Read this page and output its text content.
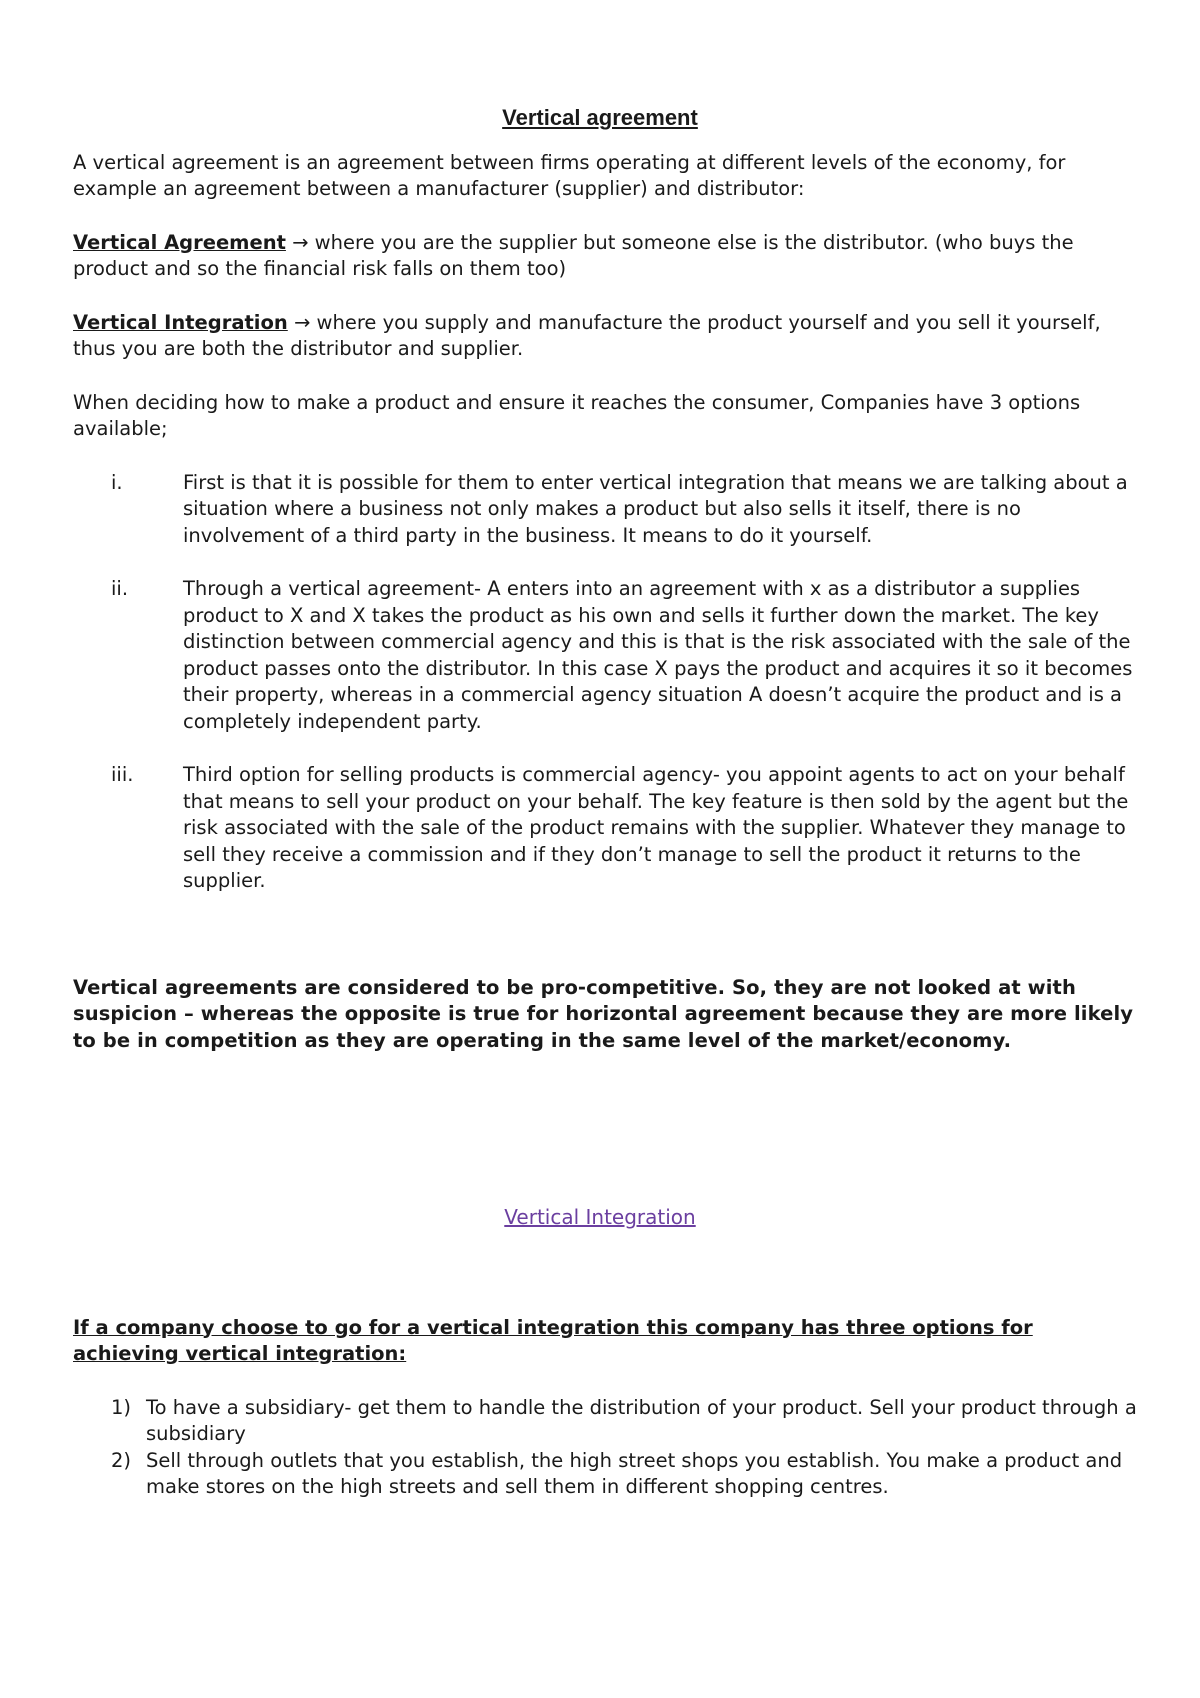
Vertical agreement

A vertical agreement is an agreement between firms operating at different levels of the economy, for example an agreement between a manufacturer (supplier) and distributor:

Vertical Agreement → where you are the supplier but someone else is the distributor. (who buys the product and so the financial risk falls on them too)

Vertical Integration → where you supply and manufacture the product yourself and you sell it yourself, thus you are both the distributor and supplier.

When deciding how to make a product and ensure it reaches the consumer, Companies have 3 options available;

i.	First is that it is possible for them to enter vertical integration that means we are talking about a situation where a business not only makes a product but also sells it itself, there is no involvement of a third party in the business. It means to do it yourself.
ii.	Through a vertical agreement- A enters into an agreement with x as a distributor a supplies product to X and X takes the product as his own and sells it further down the market. The key distinction between commercial agency and this is that is the risk associated with the sale of the product passes onto the distributor. In this case X pays the product and acquires it so it becomes their property, whereas in a commercial agency situation A doesn’t acquire the product and is a completely independent party.
iii.	Third option for selling products is commercial agency- you appoint agents to act on your behalf that means to sell your product on your behalf. The key feature is then sold by the agent but the risk associated with the sale of the product remains with the supplier. Whatever they manage to sell they receive a commission and if they don’t manage to sell the product it returns to the supplier.

Vertical agreements are considered to be pro-competitive. So, they are not looked at with suspicion – whereas the opposite is true for horizontal agreement because they are more likely to be in competition as they are operating in the same level of the market/economy.

Vertical Integration

If a company choose to go for a vertical integration this company has three options for achieving vertical integration:

1) To have a subsidiary- get them to handle the distribution of your product. Sell your product through a subsidiary
2) Sell through outlets that you establish, the high street shops you establish. You make a product and make stores on the high streets and sell them in different shopping centres.
